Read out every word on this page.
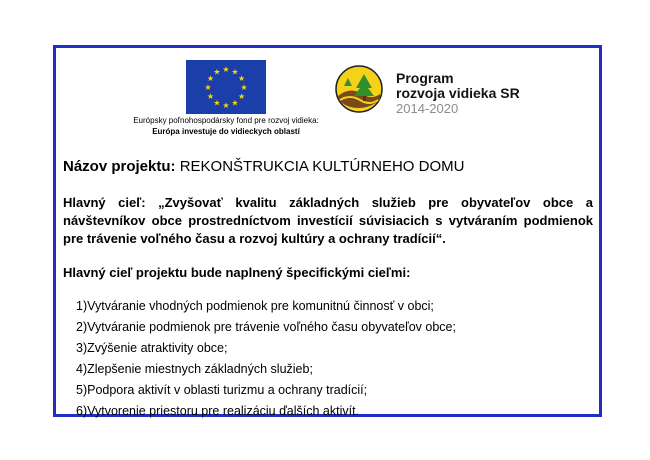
★ ★
★
★
★
★
★
★
★
★
★
★
Európsky poľnohospodársky fond pre rozvoj vidieka:
Európa investuje do vidieckych oblastí
Program
rozvoja vidieka SR
2014-2020

Názov projektu: REKONŠTRUKCIA KULTÚRNEHO DOMU

Hlavný cieľ: „Zvyšovať kvalitu základných služieb pre obyvateľov obce a návštevníkov obce prostredníctvom investícií súvisiacich s vytváraním podmienok pre trávenie voľného času a rozvoj kultúry a ochrany tradícií“.
Hlavný cieľ projektu bude naplnený špecifickými cieľmi:
1)Vytváranie vhodných podmienok pre komunitnú činnosť v obci;
2)Vytváranie podmienok pre trávenie voľného času obyvateľov obce;
3)Zvýšenie atraktivity obce;
4)Zlepšenie miestnych základných služieb;
5)Podpora aktivít v oblasti turizmu a ochrany tradícií;
6)Vytvorenie priestoru pre realizáciu ďalších aktivít.
